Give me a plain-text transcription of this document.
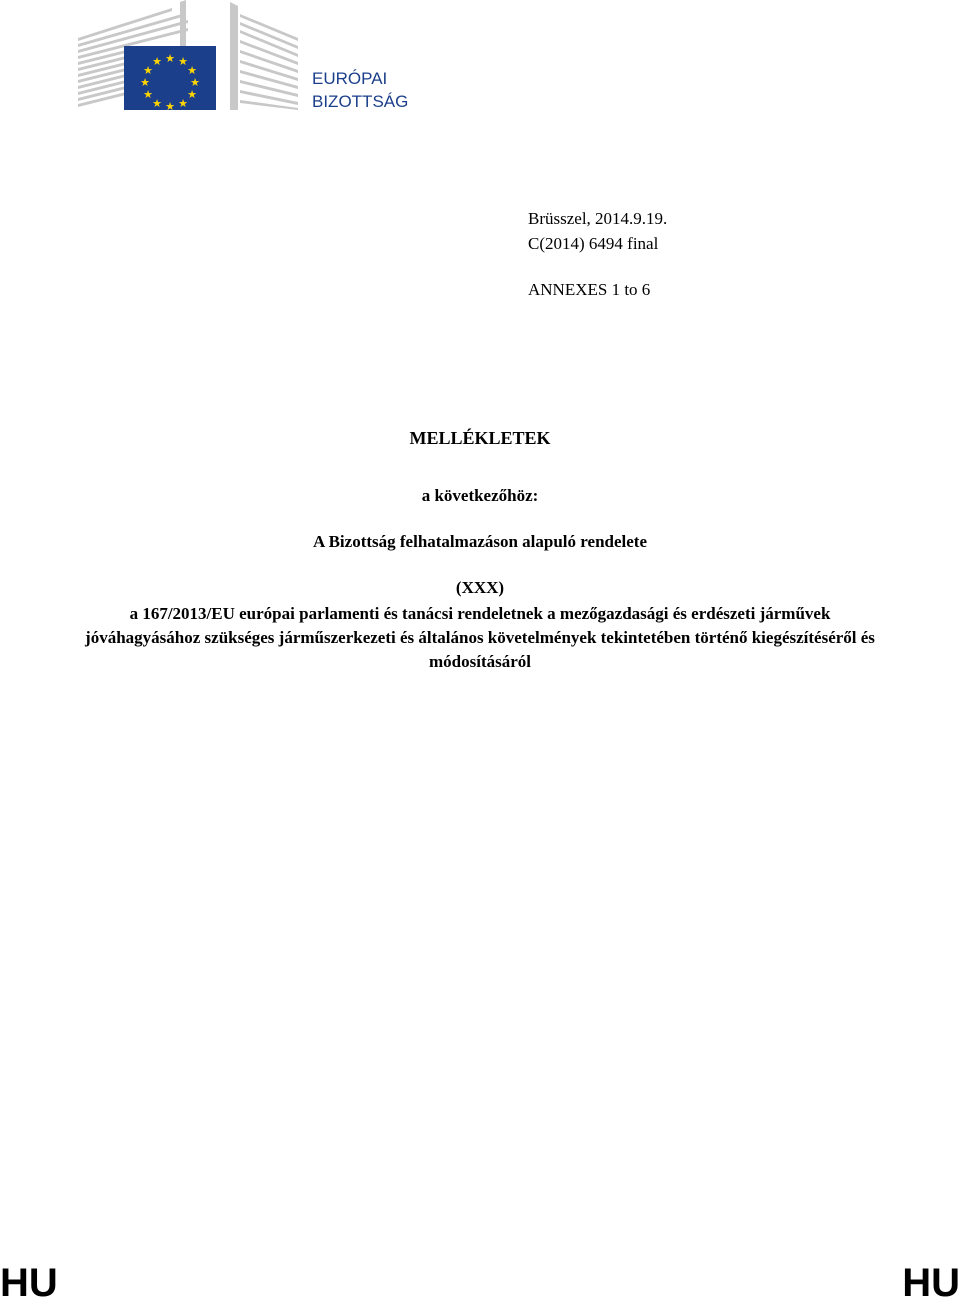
★ ★
★
★
★
★
★
★
★
★
★
★
EURÓPAI
BIZOTTSÁG
Brüsszel, 2014.9.19.
C(2014) 6494 final
ANNEXES 1 to 6
MELLÉKLETEK
a következőhöz:
A Bizottság felhatalmazáson alapuló rendelete
(XXX)
a 167/2013/EU európai parlamenti és tanácsi rendeletnek a mezőgazdasági és erdészeti járművek jóváhagyásához szükséges járműszerkezeti és általános követelmények tekintetében történő kiegészítéséről és módosításáról
HU	HU
